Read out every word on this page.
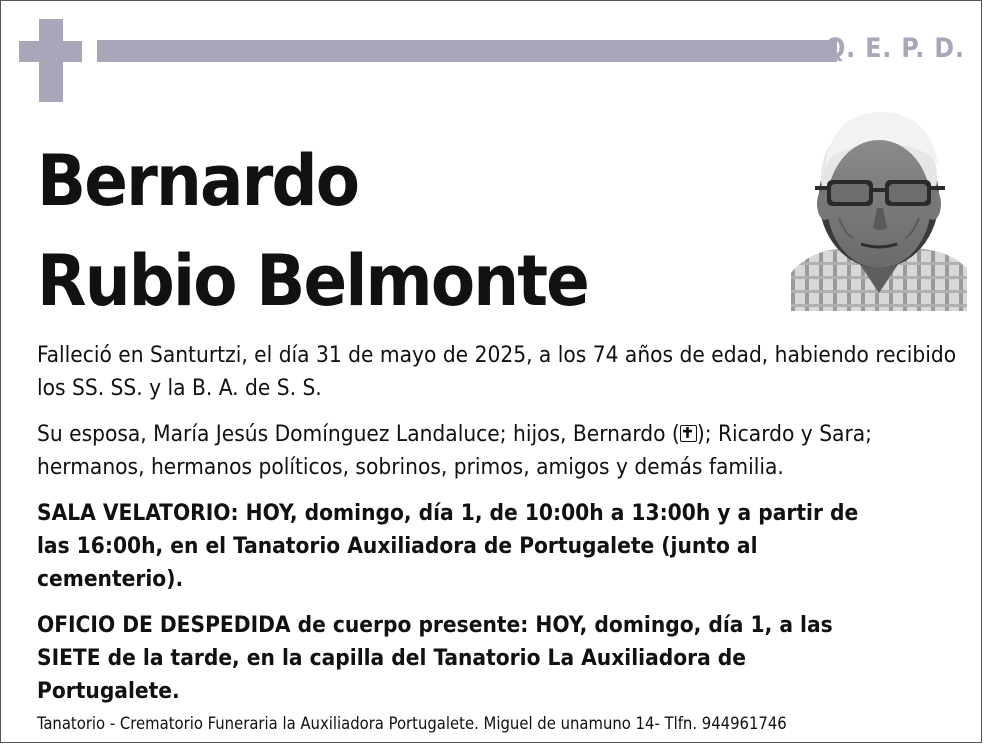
Q. E. P. D.
Bernardo
Rubio Belmonte

Falleció en Santurtzi, el día 31 de mayo de 2025, a los 74 años de edad, habiendo recibido los SS. SS. y la B. A. de S. S.

Su esposa, María Jesús Domínguez Landaluce; hijos, Bernardo ( ); Ricardo y Sara; hermanos, hermanos políticos, sobrinos, primos, amigos y demás familia.

SALA VELATORIO: HOY, domingo, día 1, de 10:00h a 13:00h y a partir de las 16:00h, en el Tanatorio Auxiliadora de Portugalete (junto al cementerio).

OFICIO DE DESPEDIDA de cuerpo presente: HOY, domingo, día 1, a las SIETE de la tarde, en la capilla del Tanatorio La Auxiliadora de Portugalete.

Tanatorio - Crematorio Funeraria la Auxiliadora Portugalete. Miguel de unamuno 14- Tlfn. 944961746
